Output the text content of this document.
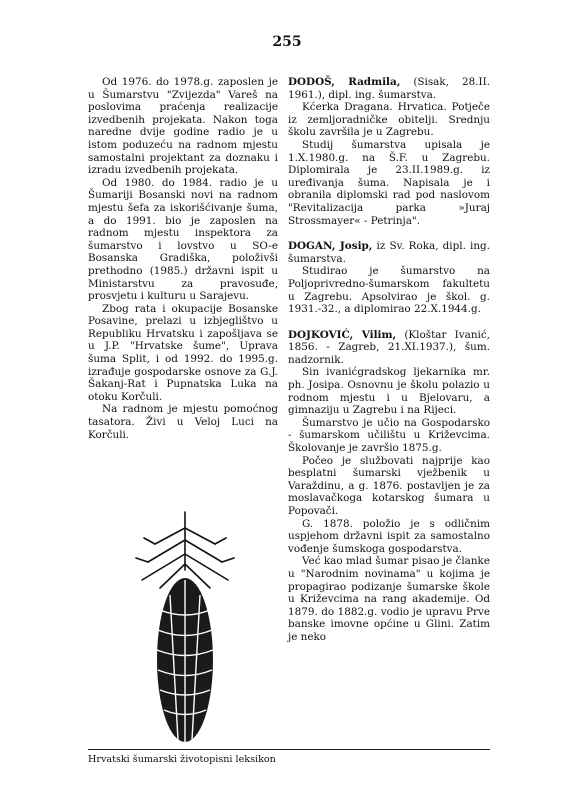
255

Od 1976. do 1978.g. zaposlen je u Šumarstvu "Zvijezda" Vareš na poslovima praćenja realizacije izvedbenih projekata. Nakon toga naredne dvije godine radio je u istom poduzeću na radnom mjestu samostalni projektant za doznaku i izradu izvedbenih projekata.

Od 1980. do 1984. radio je u Šumariji Bosanski novi na radnom mjestu šefa za iskorišćivanje šuma, a do 1991. bio je zaposlen na radnom mjestu inspektora za šumarstvo i lovstvo u SO-e Bosanska Gradiška, položivši prethodno (1985.) državni ispit u Ministarstvu za pravosuđe, prosvjetu i kulturu u Sarajevu.

Zbog rata i okupacije Bosanske Posavine, prelazi u izbjeglištvo u Republiku Hrvatsku i zapošljava se u J.P. "Hrvatske šume", Uprava šuma Split, i od 1992. do 1995.g. izrađuje gospodarske osnove za G.J. Šakanj-Rat i Pupnatska Luka na otoku Korčuli.

Na radnom je mjestu pomoćnog tasatora. Živi u Veloj Luci na Korčuli.

DODOŠ, Radmila, (Sisak, 28.II. 1961.), dipl. ing. šumarstva.

Kćerka Dragana. Hrvatica. Potječe iz zemljoradničke obitelji. Srednju školu završila je u Zagrebu.

Studij šumarstva upisala je 1.X.1980.g. na Š.F. u Zagrebu. Diplomirala je 23.II.1989.g. iz uređivanja šuma. Napisala je i obranila diplomski rad pod naslovom "Revitalizacija parka »Juraj Strossmayer« - Petrinja".

DOGAN, Josip, iz Sv. Roka, dipl. ing. šumarstva.

Studirao je šumarstvo na Poljoprivredno-šumarskom fakultetu u Zagrebu. Apsolvirao je škol. g. 1931.-32., a diplomirao 22.X.1944.g.

DOJKOVIĆ, Vilim, (Kloštar Ivanić, 1856. - Zagreb, 21.XI.1937.), šum. nadzornik.

Sin ivanićgradskog ljekarnika mr. ph. Josipa. Osnovnu je školu polazio u rodnom mjestu i u Bjelovaru, a gimnaziju u Zagrebu i na Rijeci.

Šumarstvo je učio na Gospodarsko - šumarskom učilištu u Križevcima. Školovanje je završio 1875.g.

Počeo je službovati najprije kao besplatni šumarski vježbenik u Varaždinu, a g. 1876. postavljen je za moslavačkoga kotarskog šumara u Popovači.

G. 1878. položio je s odličnim uspjehom državni ispit za samostalno vođenje šumskoga gospodarstva.

Već kao mlad šumar pisao je članke u "Narodnim novinama" u kojima je propagirao podizanje šumarske škole u Križevcima na rang akademije. Od 1879. do 1882.g. vodio je upravu Prve banske imovne općine u Glini. Zatim je neko

Hrvatski šumarski životopisni leksikon
